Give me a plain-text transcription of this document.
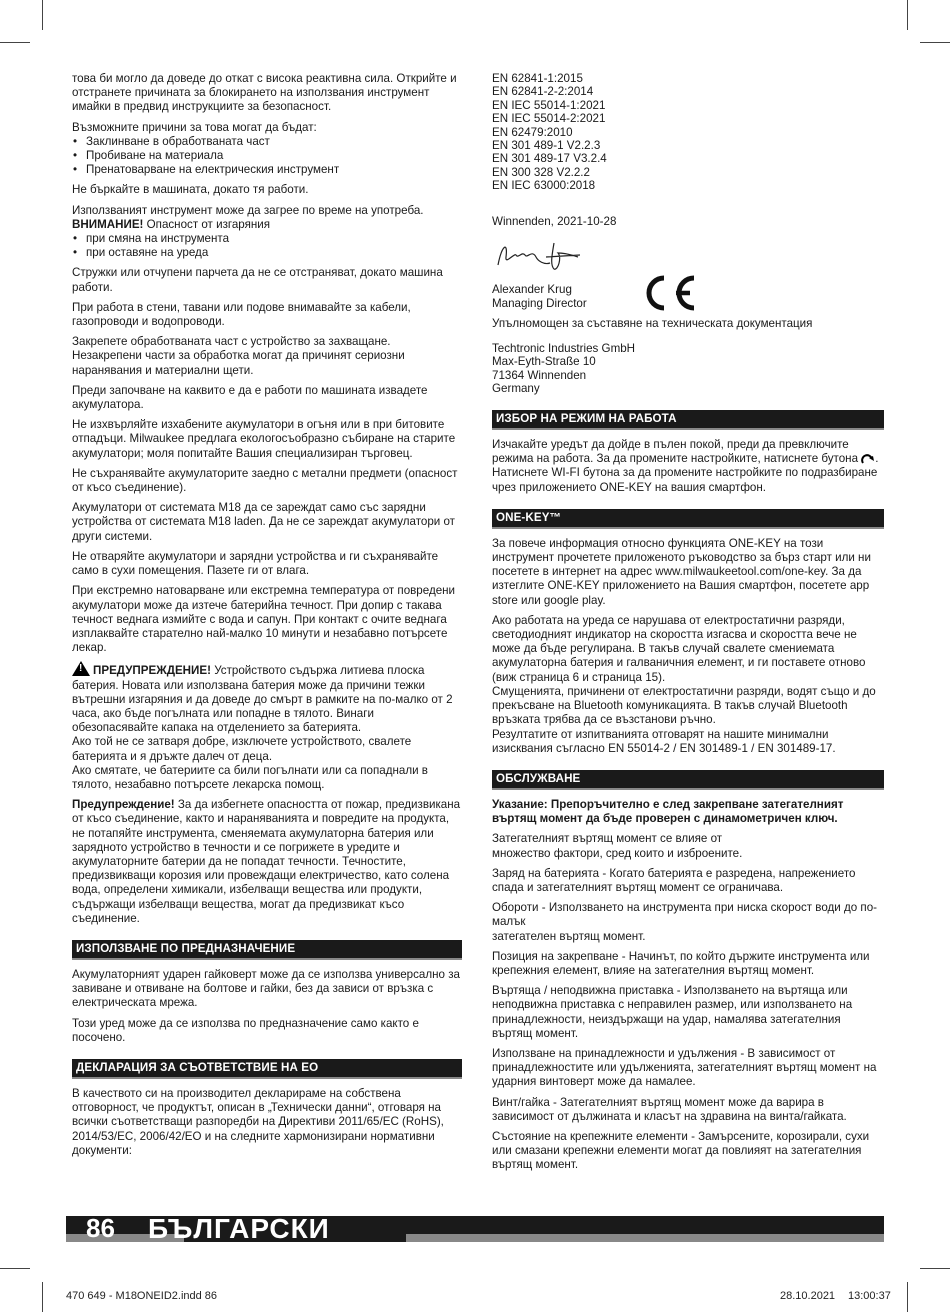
това би могло да доведе до откат с висока реактивна сила. Открийте и отстранете причината за блокирането на използвания инструмент имайки в предвид инструкциите за безопасност.

Възможните причини за това могат да бъдат:

• Заклинване в обработваната част
• Пробиване на материала
• Пренатоварване на електрическия инструмент

Не бъркайте в машината, докато тя работи.

Използваният инструмент може да загрее по време на употреба.
ВНИМАНИЕ! Опасност от изгаряния

• при смяна на инструмента
• при оставяне на уреда

Стружки или отчупени парчета да не се отстраняват, докато машина работи.

При работа в стени, тавани или подове внимавайте за кабели, газопроводи и водопроводи.

Закрепете обработваната част с устройство за захващане. Незакрепени части за обработка могат да причинят сериозни наранявания и материални щети.

Преди започване на каквито е да е работи по машината извадете акумулатора.

Не изхвърляйте изхабените акумулатори в огъня или в при битовите отпадъци. Milwaukee предлага екологосъобразно събиране на старите акумулатори; моля попитайте Вашия специализиран търговец.

Не съхранявайте акумулаторите заедно с метални предмети (опасност от късо съединение).

Акумулатори от системата M18 да се зареждат само със зарядни устройства от системата M18 laden. Да не се зареждат акумулатори от други системи.

Не отваряйте акумулатори и зарядни устройства и ги съхранявайте само в сухи помещения. Пазете ги от влага.

При екстремно натоварване или екстремна температура от повредени акумулатори може да изтече батерийна течност. При допир с такава течност веднага измийте с вода и сапун. При контакт с очите веднага изплаквайте старателно най-малко 10 минути и незабавно потърсете лекар.

!ПРЕДУПРЕЖДЕНИЕ! Устройството съдържа литиева плоска батерия. Новата или използвана батерия може да причини тежки вътрешни изгаряния и да доведе до смърт в рамките на по-малко от 2 часа, ако бъде погълната или попадне в тялото. Винаги обезопасявайте капака на отделението за батерията.
Ако той не се затваря добре, изключете устройството, свалете батерията и я дръжте далеч от деца.
Ако смятате, че батериите са били погълнати или са попаднали в тялото, незабавно потърсете лекарска помощ.

Предупреждение! За да избегнете опасността от пожар, предизвикана от късо съединение, както и нараняванията и повредите на продукта, не потапяйте инструмента, сменяемата акумулаторна батерия или зарядното устройство в течности и се погрижете в уредите и акумулаторните батерии да не попадат течности. Течностите, предизвикващи корозия или провеждащи електричество, като солена вода, определени химикали, избелващи вещества или продукти, съдържащи избелващи вещества, могат да предизвикат късо съединение.

ИЗПОЛЗВАНЕ ПО ПРЕДНАЗНАЧЕНИЕ

Акумулаторният ударен гайковерт може да се използва универсално за завиване и отвиване на болтове и гайки, без да зависи от връзка с електрическата мрежа.

Този уред може да се използва по предназначение само както е посочено.

ДЕКЛАРАЦИЯ ЗА СЪОТВЕТСТВИЕ НА ЕО

В качеството си на производител декларираме на собствена отговорност, че продуктът, описан в „Технически данни“, отговаря на всички съответстващи разпоредби на Директиви 2011/65/EC (RoHS), 2014/53/EC, 2006/42/ЕО и на следните хармонизирани нормативни документи:

EN 62841-1:2015
EN 62841-2-2:2014
EN IEC 55014-1:2021
EN IEC 55014-2:2021
EN 62479:2010
EN 301 489-1 V2.2.3
EN 301 489-17 V3.2.4
EN 300 328 V2.2.2
EN IEC 63000:2018

Winnenden, 2021-10-28

Alexander Krug

Managing Director

Упълномощен за съставяне на техническата документация

Techtronic Industries GmbH
Max-Eyth-Straße 10
71364 Winnenden
Germany
ИЗБОР НА РЕЖИМ НА РАБОТА

Изчакайте уредът да дойде в пълен покой, преди да превключите режима на работа. За да промените настройките, натиснете бутона . Натиснете WI-FI бутона за да промените настройките по подразбиране чрез приложението ONE-KEY на вашия смартфон.

ONE-KEY™

За повече информация относно функцията ONE-KEY на този инструмент прочетете приложеното ръководство за бърз старт или ни посетете в интернет на адрес www.milwaukeetool.com/one-key. За да изтеглите ONE-KEY приложението на Вашия смартфон, посетете app store или google play.

Ако работата на уреда се нарушава от електростатични разряди, светодиодният индикатор на скоростта изгасва и скоростта вече не може да бъде регулирана. В такъв случай свалете смениемата акумулаторна батерия и галваничния елемент, и ги поставете отново (виж страница 6 и страница 15).

Смущенията, причинени от електростатични разряди, водят също и до прекъсване на Bluetooth комуникацията. В такъв случай Bluetooth връзката трябва да се възстанови ръчно.

Резултатите от изпитванията отговарят на нашите минимални изисквания съгласно EN 55014-2 / EN 301489-1 / EN 301489-17.

ОБСЛУЖВАНЕ

Указание: Препоръчително е след закрепване затегателният въртящ момент да бъде проверен с динамометричен ключ.

Затегателният въртящ момент се влияе от
множество фактори, сред които и изброените.

Заряд на батерията - Когато батерията е разредена, напрежението спада и затегателният въртящ момент се ограничава.

Обороти - Използването на инструмента при ниска скорост води до по-малък
затегателен въртящ момент.

Позиция на закрепване - Начинът, по който държите инструмента или крепежния елемент, влияе на затегателния въртящ момент.

Въртяща / неподвижна приставка - Използването на въртяща или неподвижна приставка с неправилен размер, или използването на принадлежности, неиздържащи на удар, намалява затегателния въртящ момент.

Използване на принадлежности и удължения - В зависимост от принадлежностите или удълженията, затегателният въртящ момент на ударния винтоверт може да намалее.

Винт/гайка - Затегателният въртящ момент може да варира в зависимост от дължината и класът на здравина на винта/гайката.

Състояние на крепежните елементи - Замърсените, корозирали, сухи или смазани крепежни елементи могат да повлияят на затегателния въртящ момент.

86 БЪЛГАРСКИ
470 649 - M18ONEID2.indd 86	28.10.2021 13:00:37
